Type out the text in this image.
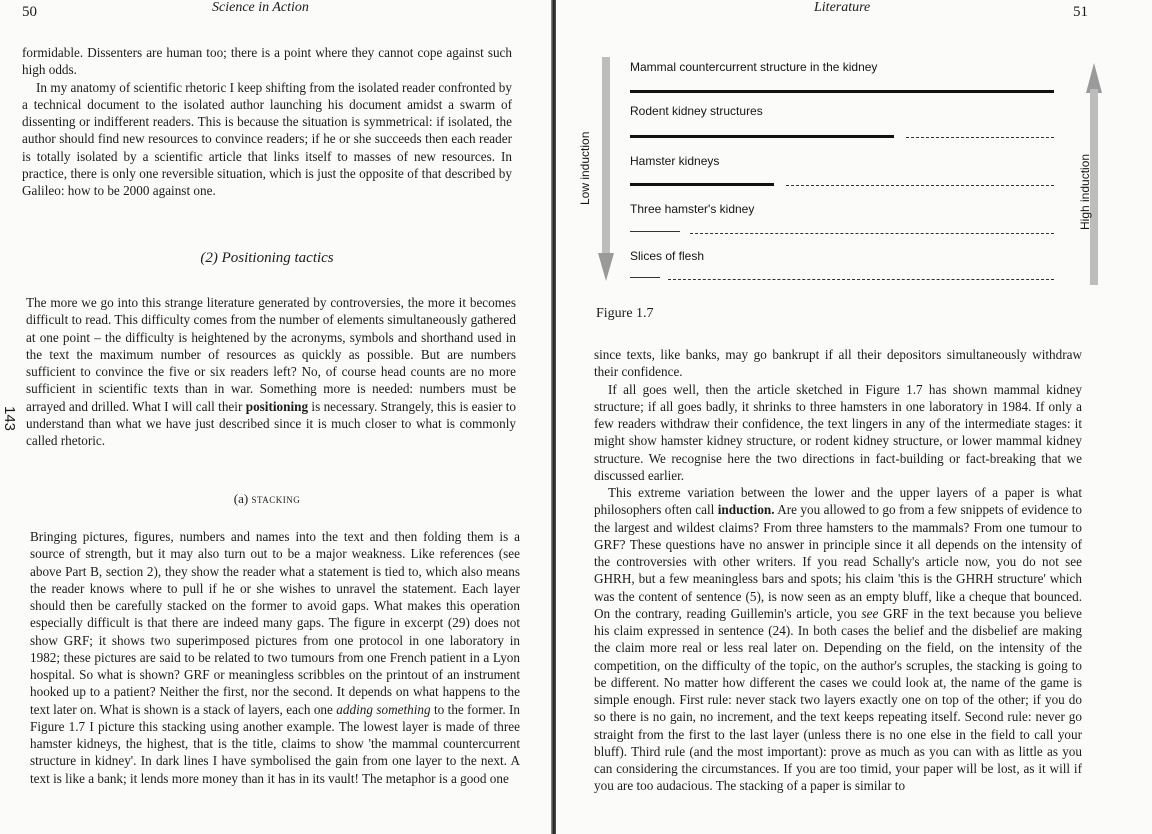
50	Science in Action
143

formidable. Dissenters are human too; there is a point where they cannot cope against such high odds.

In my anatomy of scientific rhetoric I keep shifting from the isolated reader confronted by a technical document to the isolated author launching his document amidst a swarm of dissenting or indifferent readers. This is because the situation is symmetrical: if isolated, the author should find new resources to convince readers; if he or she succeeds then each reader is totally isolated by a scientific article that links itself to masses of new resources. In practice, there is only one reversible situation, which is just the opposite of that described by Galileo: how to be 2000 against one.

(2) Positioning tactics

The more we go into this strange literature generated by controversies, the more it becomes difficult to read. This difficulty comes from the number of elements simultaneously gathered at one point – the difficulty is heightened by the acronyms, symbols and shorthand used in the text the maximum number of resources as quickly as possible. But are numbers sufficient to convince the five or six readers left? No, of course head counts are no more sufficient in scientific texts than in war. Something more is needed: numbers must be arrayed and drilled. What I will call their positioning is necessary. Strangely, this is easier to understand than what we have just described since it is much closer to what is commonly called rhetoric.

(a) stacking

Bringing pictures, figures, numbers and names into the text and then folding them is a source of strength, but it may also turn out to be a major weakness. Like references (see above Part B, section 2), they show the reader what a statement is tied to, which also means the reader knows where to pull if he or she wishes to unravel the statement. Each layer should then be carefully stacked on the former to avoid gaps. What makes this operation especially difficult is that there are indeed many gaps. The figure in excerpt (29) does not show GRF; it shows two superimposed pictures from one protocol in one laboratory in 1982; these pictures are said to be related to two tumours from one French patient in a Lyon hospital. So what is shown? GRF or meaningless scribbles on the printout of an instrument hooked up to a patient? Neither the first, nor the second. It depends on what happens to the text later on. What is shown is a stack of layers, each one adding something to the former. In Figure 1.7 I picture this stacking using another example. The lowest layer is made of three hamster kidneys, the highest, that is the title, claims to show 'the mammal countercurrent structure in kidney'. In dark lines I have symbolised the gain from one layer to the next. A text is like a bank; it lends more money than it has in its vault! The metaphor is a good one

Literature	51
Low induction	High induction
Mammal countercurrent structure in the kidney
Rodent kidney structures
Hamster kidneys
Three hamster's kidney
Slices of flesh
Figure 1.7

since texts, like banks, may go bankrupt if all their depositors simultaneously withdraw their confidence.

If all goes well, then the article sketched in Figure 1.7 has shown mammal kidney structure; if all goes badly, it shrinks to three hamsters in one laboratory in 1984. If only a few readers withdraw their confidence, the text lingers in any of the intermediate stages: it might show hamster kidney structure, or rodent kidney structure, or lower mammal kidney structure. We recognise here the two directions in fact-building or fact-breaking that we discussed earlier.

This extreme variation between the lower and the upper layers of a paper is what philosophers often call induction. Are you allowed to go from a few snippets of evidence to the largest and wildest claims? From three hamsters to the mammals? From one tumour to GRF? These questions have no answer in principle since it all depends on the intensity of the controversies with other writers. If you read Schally's article now, you do not see GHRH, but a few meaningless bars and spots; his claim 'this is the GHRH structure' which was the content of sentence (5), is now seen as an empty bluff, like a cheque that bounced. On the contrary, reading Guillemin's article, you see GRF in the text because you believe his claim expressed in sentence (24). In both cases the belief and the disbelief are making the claim more real or less real later on. Depending on the field, on the intensity of the competition, on the difficulty of the topic, on the author's scruples, the stacking is going to be different. No matter how different the cases we could look at, the name of the game is simple enough. First rule: never stack two layers exactly one on top of the other; if you do so there is no gain, no increment, and the text keeps repeating itself. Second rule: never go straight from the first to the last layer (unless there is no one else in the field to call your bluff). Third rule (and the most important): prove as much as you can with as little as you can considering the circumstances. If you are too timid, your paper will be lost, as it will if you are too audacious. The stacking of a paper is similar to
